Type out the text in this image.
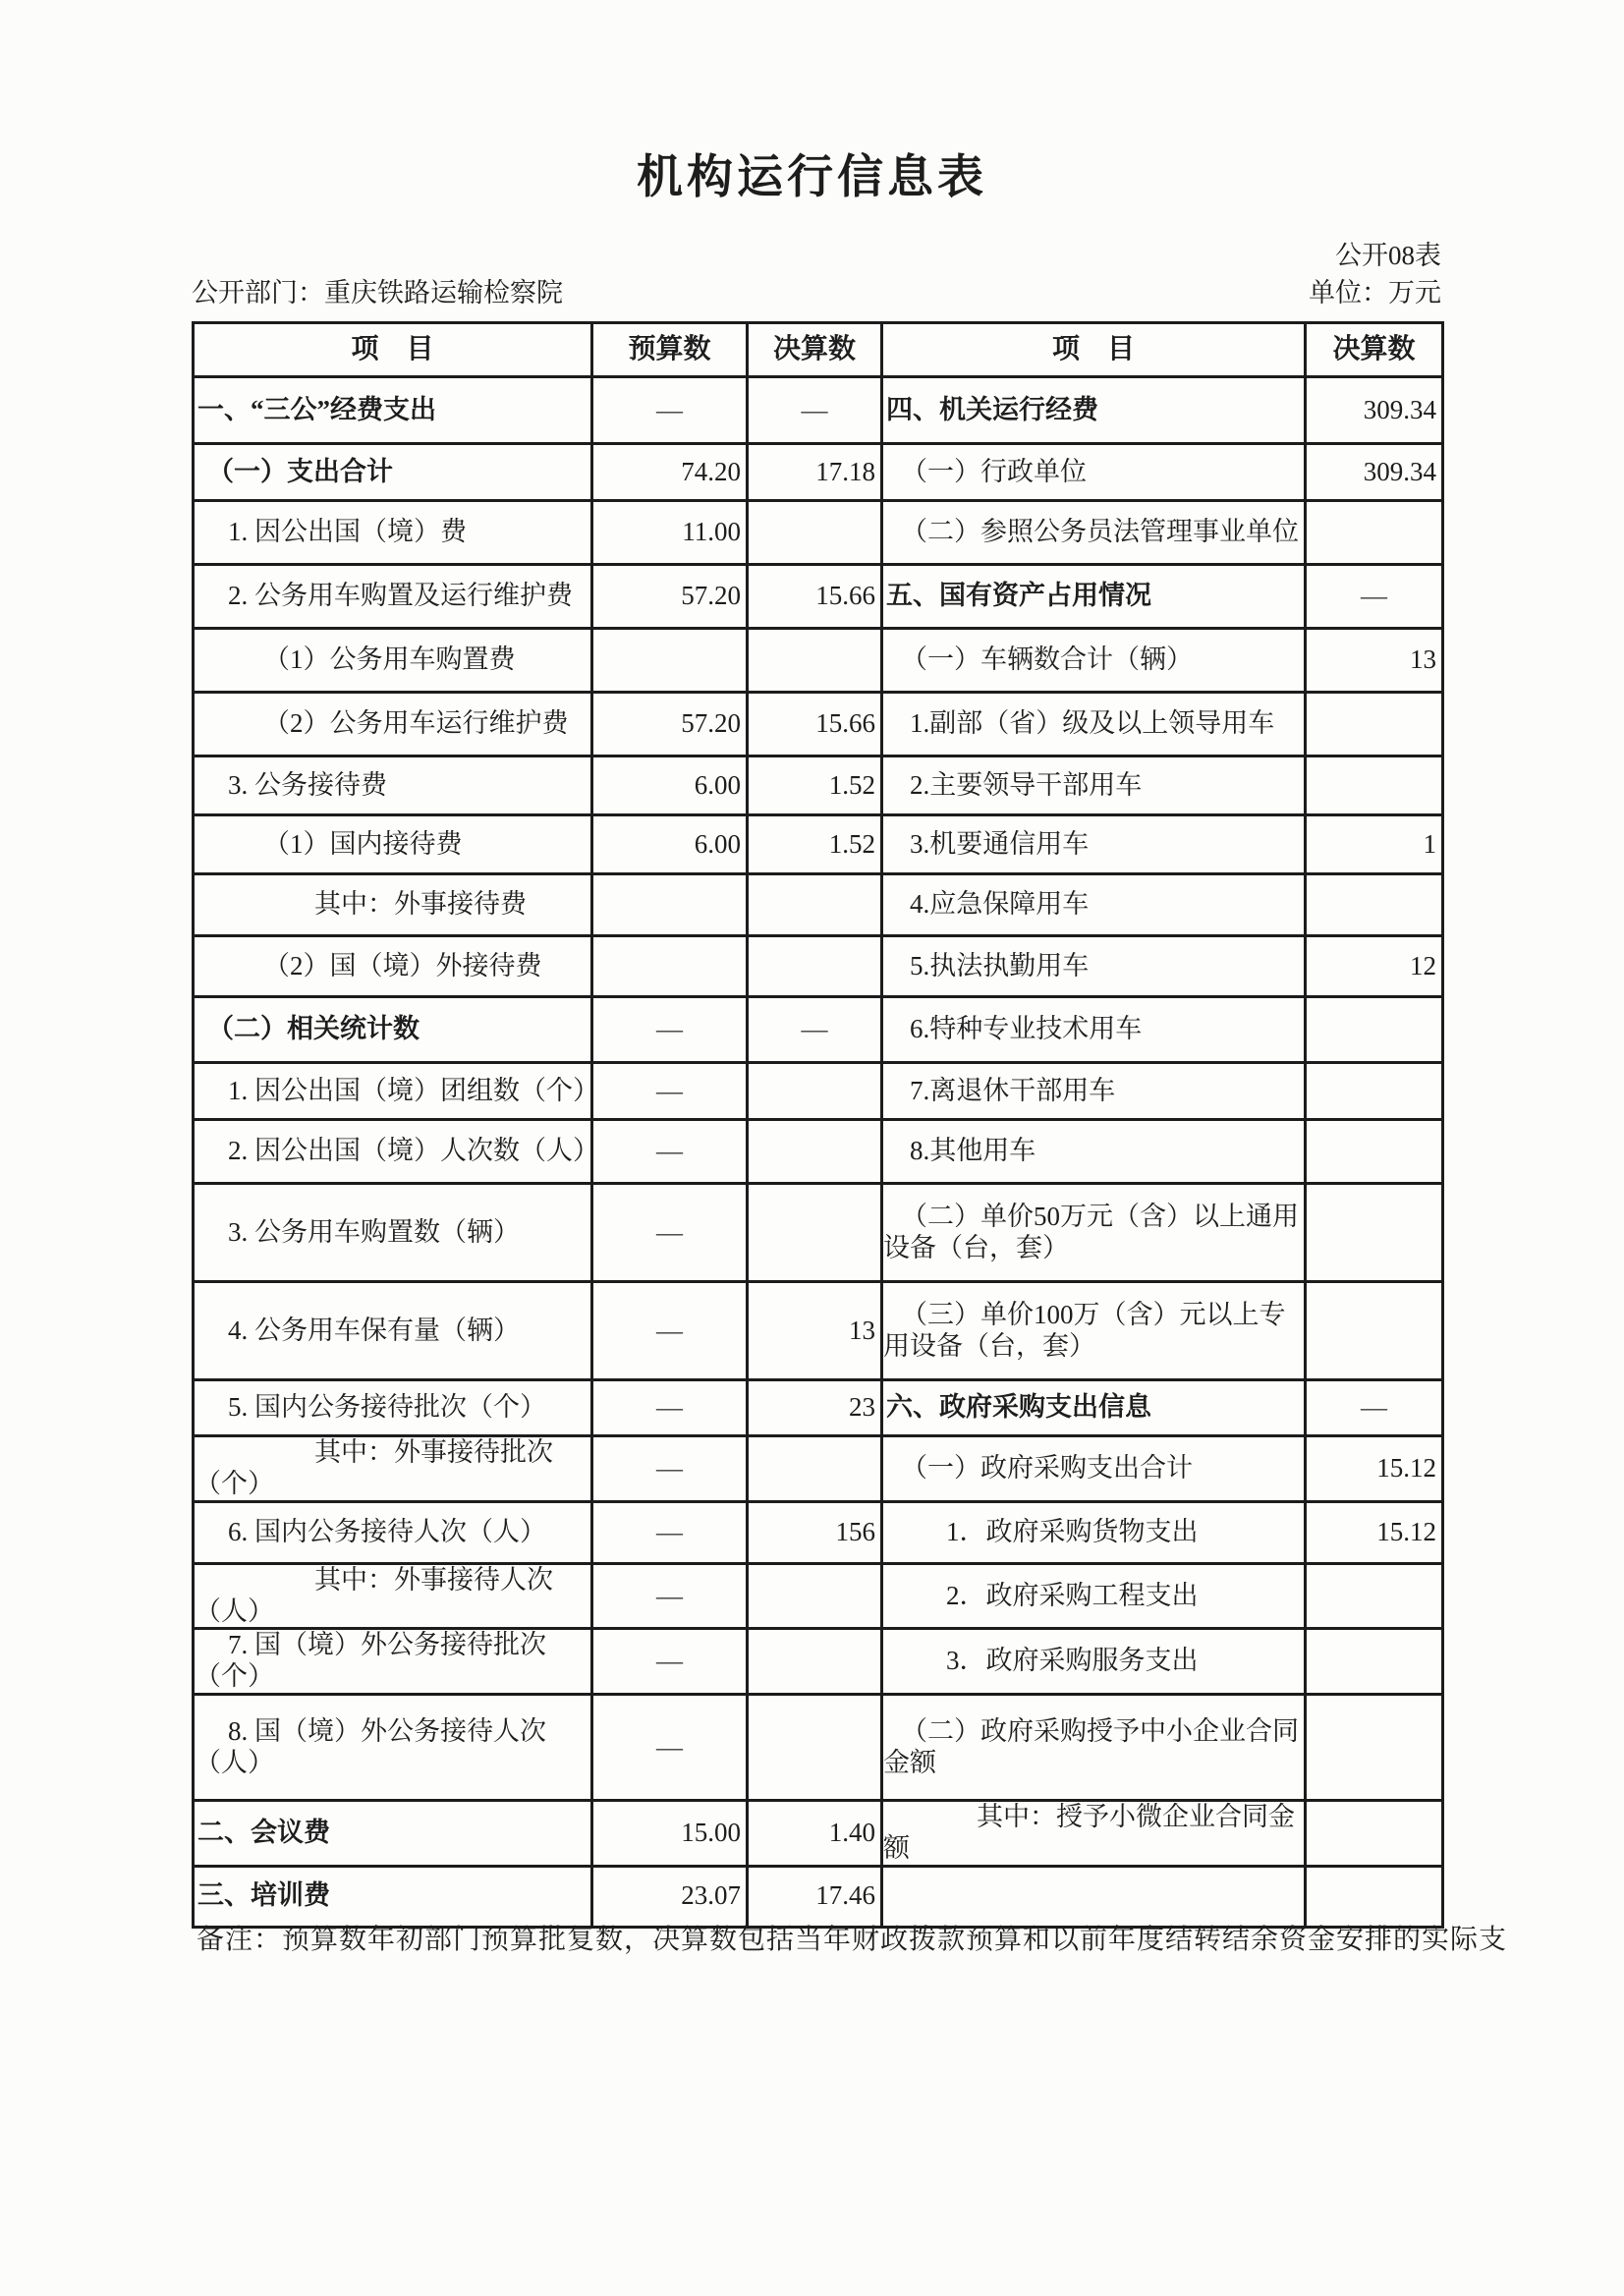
机构运行信息表
公开08表
公开部门：重庆铁路运输检察院	单位：万元
项　目	预算数	决算数	项　目	决算数
一、“三公”经费支出	—	—	四、机关运行经费	309.34
（一）支出合计	74.20	17.18	（一）行政单位	309.34
1. 因公出国（境）费	11.00		（二）参照公务员法管理事业单位	
2. 公务用车购置及运行维护费	57.20	15.66	五、国有资产占用情况	—
（1）公务用车购置费			（一）车辆数合计（辆）	13
（2）公务用车运行维护费	57.20	15.66	1.副部（省）级及以上领导用车	
3. 公务接待费	6.00	1.52	2.主要领导干部用车	
（1）国内接待费	6.00	1.52	3.机要通信用车	1
其中：外事接待费			4.应急保障用车	
（2）国（境）外接待费			5.执法执勤用车	12
（二）相关统计数	—	—	6.特种专业技术用车	
1. 因公出国（境）团组数（个）	—		7.离退休干部用车	
2. 因公出国（境）人次数（人）	—		8.其他用车	
3. 公务用车购置数（辆）	—		（二）单价50万元（含）以上通用设备（台，套）	
4. 公务用车保有量（辆）	—	13	（三）单价100万（含）元以上专用设备（台，套）	
5. 国内公务接待批次（个）	—	23	六、政府采购支出信息	—
其中：外事接待批次（个）	—		（一）政府采购支出合计	15.12
6. 国内公务接待人次（人）	—	156	1．政府采购货物支出	15.12
其中：外事接待人次（人）	—		2．政府采购工程支出	
7. 国（境）外公务接待批次（个）	—		3．政府采购服务支出	
8. 国（境）外公务接待人次（人）	—		（二）政府采购授予中小企业合同金额	
二、会议费	15.00	1.40	其中：授予小微企业合同金额	
三、培训费	23.07	17.46		
备注：预算数年初部门预算批复数，决算数包括当年财政拨款预算和以前年度结转结余资金安排的实际支
